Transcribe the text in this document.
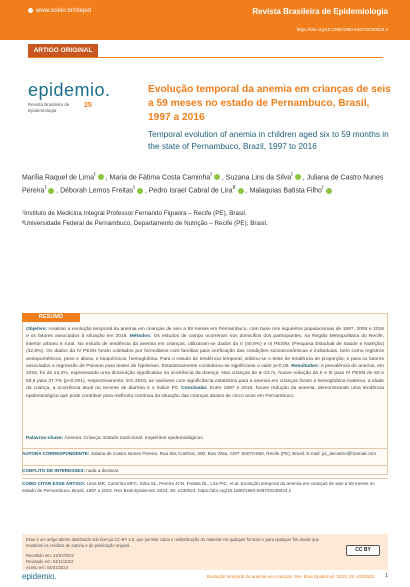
www.scielo.br/rbepid	Revista Brasileira de Epidemiologia
https://doi.org/10.1590/1980-549720230023.2
ARTIGO ORIGINAL
epidemio.
Revista Brasileira de Epidemiologia
25
Evolução temporal da anemia em crianças de seis a 59 meses no estado de Pernambuco, Brasil, 1997 a 2016
Temporal evolution of anemia in children aged six to 59 months in the state of Pernambuco, Brazil, 1997 to 2016
Marília Raquel de Lima$^I$ , Maria de Fátima Costa Caminha$^I$ , Suzana Lins da Silva$^I$ , Juliana de Castro Nunes Pereira$^I$ , Déborah Lemos Freitas$^I$ , Pedro Israel Cabral de Lira$^{II}$ , Malaquias Batista Filho$^I$
¹Instituto de Medicina Integral Professor Fernando Figueira – Recife (PE), Brasil.
ᴵᴵUniversidade Federal de Pernambuco, Departamento de Nutrição – Recife (PE), Brasil.
RESUMO
Objetivo: Analisar a evolução temporal da anemia em crianças de seis a 59 meses em Pernambuco, com base nos inquéritos populacionais de 1997, 2006 e 2016 e os fatores associados à situação em 2016. Métodos: Os estudos de campo ocorreram nos domicílios dos participantes, na Região Metropolitana do Recife, interior urbano e rural. No estudo de tendência da anemia em crianças, utilizaram-se dados da II (40,9%) e III PESNs (Pesquisa Estadual de Saúde e Nutrição) (32,8%). Os dados da IV PESN foram coletados por formulários com famílias para verificação das condições socioeconômicas e individuais, bem como registros antropométricos, peso e altura, e bioquímicos, hemoglobina. Para o estudo de tendência temporal, utilizou-se o teste de tendência de proporção; e para os fatores associados a regressão de Poisson para testes de hipóteses. Estatisticamente considerou-se significante o valor p<0,05. Resultados: A prevalência de anemia, em 2016, foi de 24,2%, expressando uma diminuição significativa na ocorrência da doença. Nas crianças de 6–23 m, houve redução da II e III para IV PESN de 63 e 55,6 para 37,7% (p<0,001), respectivamente. Em 2016, as variáveis com significância estatística para a anemia em crianças foram a hemoglobina materna, a idade da criança, a ocorrência atual ou recente de diarreia e o índice P/I. Conclusão: Entre 1997 e 2016, houve redução da anemia, demonstrando uma tendência epidemiológica que pode contribuir para melhoria contínua da situação das crianças abaixo de cinco anos em Pernambuco.
Palavras-chave: Anemia. Criança. Estado nutricional. Inquéritos epidemiológicos.
AUTORA CORRESPONDENTE: Juliana de Castro Nunes Pereira. Rua dos Coelhos, 300, Boa Vista, CEP: 50070-550, Recife (PE), Brasil. E-mail: jul_decastro@hotmail.com
CONFLITO DE INTERESSES: nada a declarar.
COMO CITAR ESSE ARTIGO: Lima MR, Caminha MFC, Silva SL, Pereira JCN, Freitas DL, Lira PIC, et al. Evolução temporal da anemia em crianças de seis a 59 meses no estado de Pernambuco, Brasil, 1997 a 2016. Rev Bras Epidemiol. 2023; 26: e230023. https://doi.org/10.1590/1980-549720230023.2
Esse é um artigo aberto distribuído sob licença CC-BY 4.0, que permite cópia e redistribuição do material em qualquer formato e para qualquer fim desde que mantidos os créditos de autoria e de publicação original.
Recebido em: 24/07/2022
Revisado em: 04/11/2022
Aceito em: 04/01/2023
CC BY
epidemio.	Evolução temporal da anemia em crianças. Rev Bras Epidemiol. 2023; 26: e230023 1
